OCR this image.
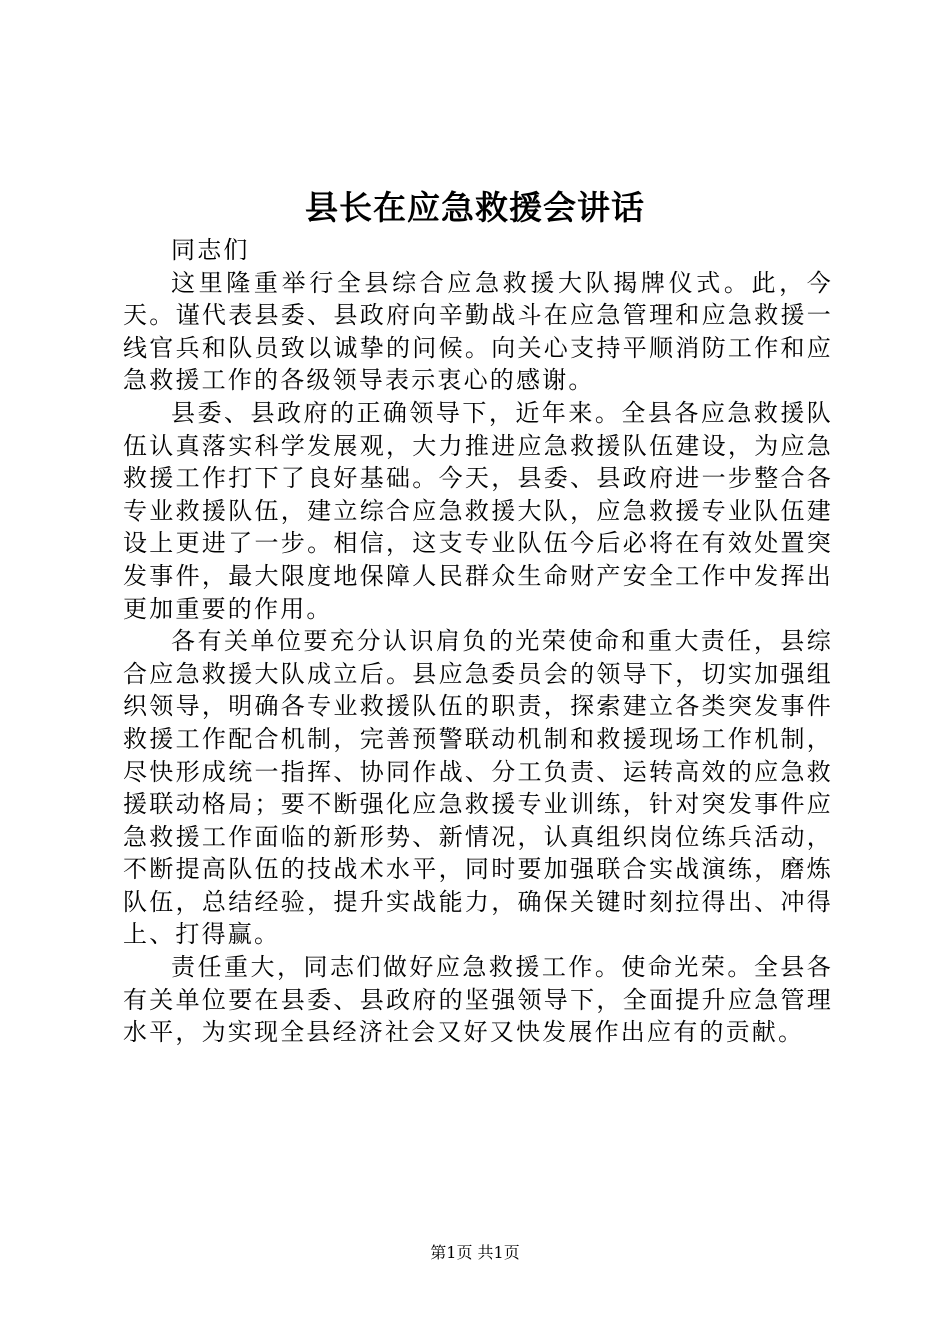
县长在应急救援会讲话

同志们

这里隆重举行全县综合应急救援大队揭牌仪式。此，今天。谨代表县委、县政府向辛勤战斗在应急管理和应急救援一线官兵和队员致以诚挚的问候。向关心支持平顺消防工作和应急救援工作的各级领导表示衷心的感谢。

县委、县政府的正确领导下，近年来。全县各应急救援队伍认真落实科学发展观，大力推进应急救援队伍建设，为应急救援工作打下了良好基础。今天，县委、县政府进一步整合各专业救援队伍，建立综合应急救援大队，应急救援专业队伍建设上更进了一步。相信，这支专业队伍今后必将在有效处置突发事件，最大限度地保障人民群众生命财产安全工作中发挥出更加重要的作用。

各有关单位要充分认识肩负的光荣使命和重大责任，县综合应急救援大队成立后。县应急委员会的领导下，切实加强组织领导，明确各专业救援队伍的职责，探索建立各类突发事件救援工作配合机制，完善预警联动机制和救援现场工作机制，尽快形成统一指挥、协同作战、分工负责、运转高效的应急救援联动格局；要不断强化应急救援专业训练，针对突发事件应急救援工作面临的新形势、新情况，认真组织岗位练兵活动，不断提高队伍的技战术水平，同时要加强联合实战演练，磨炼队伍，总结经验，提升实战能力，确保关键时刻拉得出、冲得上、打得赢。

责任重大，同志们做好应急救援工作。使命光荣。全县各有关单位要在县委、县政府的坚强领导下，全面提升应急管理水平，为实现全县经济社会又好又快发展作出应有的贡献。

第1页 共1页
